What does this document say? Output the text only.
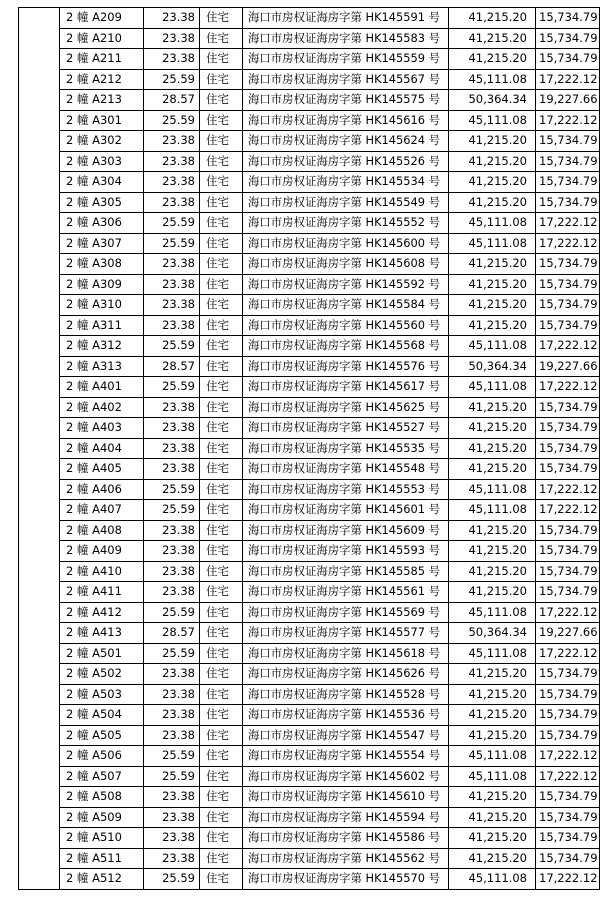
2 幢 A209	23.38 住宅	海口市房权证海房字第 HK145591 号	41,215.20	15,734.79
2 幢 A210	23.38 住宅	海口市房权证海房字第 HK145583 号	41,215.20	15,734.79
2 幢 A211	23.38 住宅	海口市房权证海房字第 HK145559 号	41,215.20	15,734.79
2 幢 A212	25.59 住宅	海口市房权证海房字第 HK145567 号	45,111.08	17,222.12
2 幢 A213	28.57 住宅	海口市房权证海房字第 HK145575 号	50,364.34	19,227.66
2 幢 A301	25.59 住宅	海口市房权证海房字第 HK145616 号	45,111.08	17,222.12
2 幢 A302	23.38 住宅	海口市房权证海房字第 HK145624 号	41,215.20	15,734.79
2 幢 A303	23.38 住宅	海口市房权证海房字第 HK145526 号	41,215.20	15,734.79
2 幢 A304	23.38 住宅	海口市房权证海房字第 HK145534 号	41,215.20	15,734.79
2 幢 A305	23.38 住宅	海口市房权证海房字第 HK145549 号	41,215.20	15,734.79
2 幢 A306	25.59 住宅	海口市房权证海房字第 HK145552 号	45,111.08	17,222.12
2 幢 A307	25.59 住宅	海口市房权证海房字第 HK145600 号	45,111.08	17,222.12
2 幢 A308	23.38 住宅	海口市房权证海房字第 HK145608 号	41,215.20	15,734.79
2 幢 A309	23.38 住宅	海口市房权证海房字第 HK145592 号	41,215.20	15,734.79
2 幢 A310	23.38 住宅	海口市房权证海房字第 HK145584 号	41,215.20	15,734.79
2 幢 A311	23.38 住宅	海口市房权证海房字第 HK145560 号	41,215.20	15,734.79
2 幢 A312	25.59 住宅	海口市房权证海房字第 HK145568 号	45,111.08	17,222.12
2 幢 A313	28.57 住宅	海口市房权证海房字第 HK145576 号	50,364.34	19,227.66
2 幢 A401	25.59 住宅	海口市房权证海房字第 HK145617 号	45,111.08	17,222.12
2 幢 A402	23.38 住宅	海口市房权证海房字第 HK145625 号	41,215.20	15,734.79
2 幢 A403	23.38 住宅	海口市房权证海房字第 HK145527 号	41,215.20	15,734.79
2 幢 A404	23.38 住宅	海口市房权证海房字第 HK145535 号	41,215.20	15,734.79
2 幢 A405	23.38 住宅	海口市房权证海房字第 HK145548 号	41,215.20	15,734.79
2 幢 A406	25.59 住宅	海口市房权证海房字第 HK145553 号	45,111.08	17,222.12
2 幢 A407	25.59 住宅	海口市房权证海房字第 HK145601 号	45,111.08	17,222.12
2 幢 A408	23.38 住宅	海口市房权证海房字第 HK145609 号	41,215.20	15,734.79
2 幢 A409	23.38 住宅	海口市房权证海房字第 HK145593 号	41,215.20	15,734.79
2 幢 A410	23.38 住宅	海口市房权证海房字第 HK145585 号	41,215.20	15,734.79
2 幢 A411	23.38 住宅	海口市房权证海房字第 HK145561 号	41,215.20	15,734.79
2 幢 A412	25.59 住宅	海口市房权证海房字第 HK145569 号	45,111.08	17,222.12
2 幢 A413	28.57 住宅	海口市房权证海房字第 HK145577 号	50,364.34	19,227.66
2 幢 A501	25.59 住宅	海口市房权证海房字第 HK145618 号	45,111.08	17,222.12
2 幢 A502	23.38 住宅	海口市房权证海房字第 HK145626 号	41,215.20	15,734.79
2 幢 A503	23.38 住宅	海口市房权证海房字第 HK145528 号	41,215.20	15,734.79
2 幢 A504	23.38 住宅	海口市房权证海房字第 HK145536 号	41,215.20	15,734.79
2 幢 A505	23.38 住宅	海口市房权证海房字第 HK145547 号	41,215.20	15,734.79
2 幢 A506	25.59 住宅	海口市房权证海房字第 HK145554 号	45,111.08	17,222.12
2 幢 A507	25.59 住宅	海口市房权证海房字第 HK145602 号	45,111.08	17,222.12
2 幢 A508	23.38 住宅	海口市房权证海房字第 HK145610 号	41,215.20	15,734.79
2 幢 A509	23.38 住宅	海口市房权证海房字第 HK145594 号	41,215.20	15,734.79
2 幢 A510	23.38 住宅	海口市房权证海房字第 HK145586 号	41,215.20	15,734.79
2 幢 A511	23.38 住宅	海口市房权证海房字第 HK145562 号	41,215.20	15,734.79
2 幢 A512	25.59 住宅	海口市房权证海房字第 HK145570 号	45,111.08	17,222.12
